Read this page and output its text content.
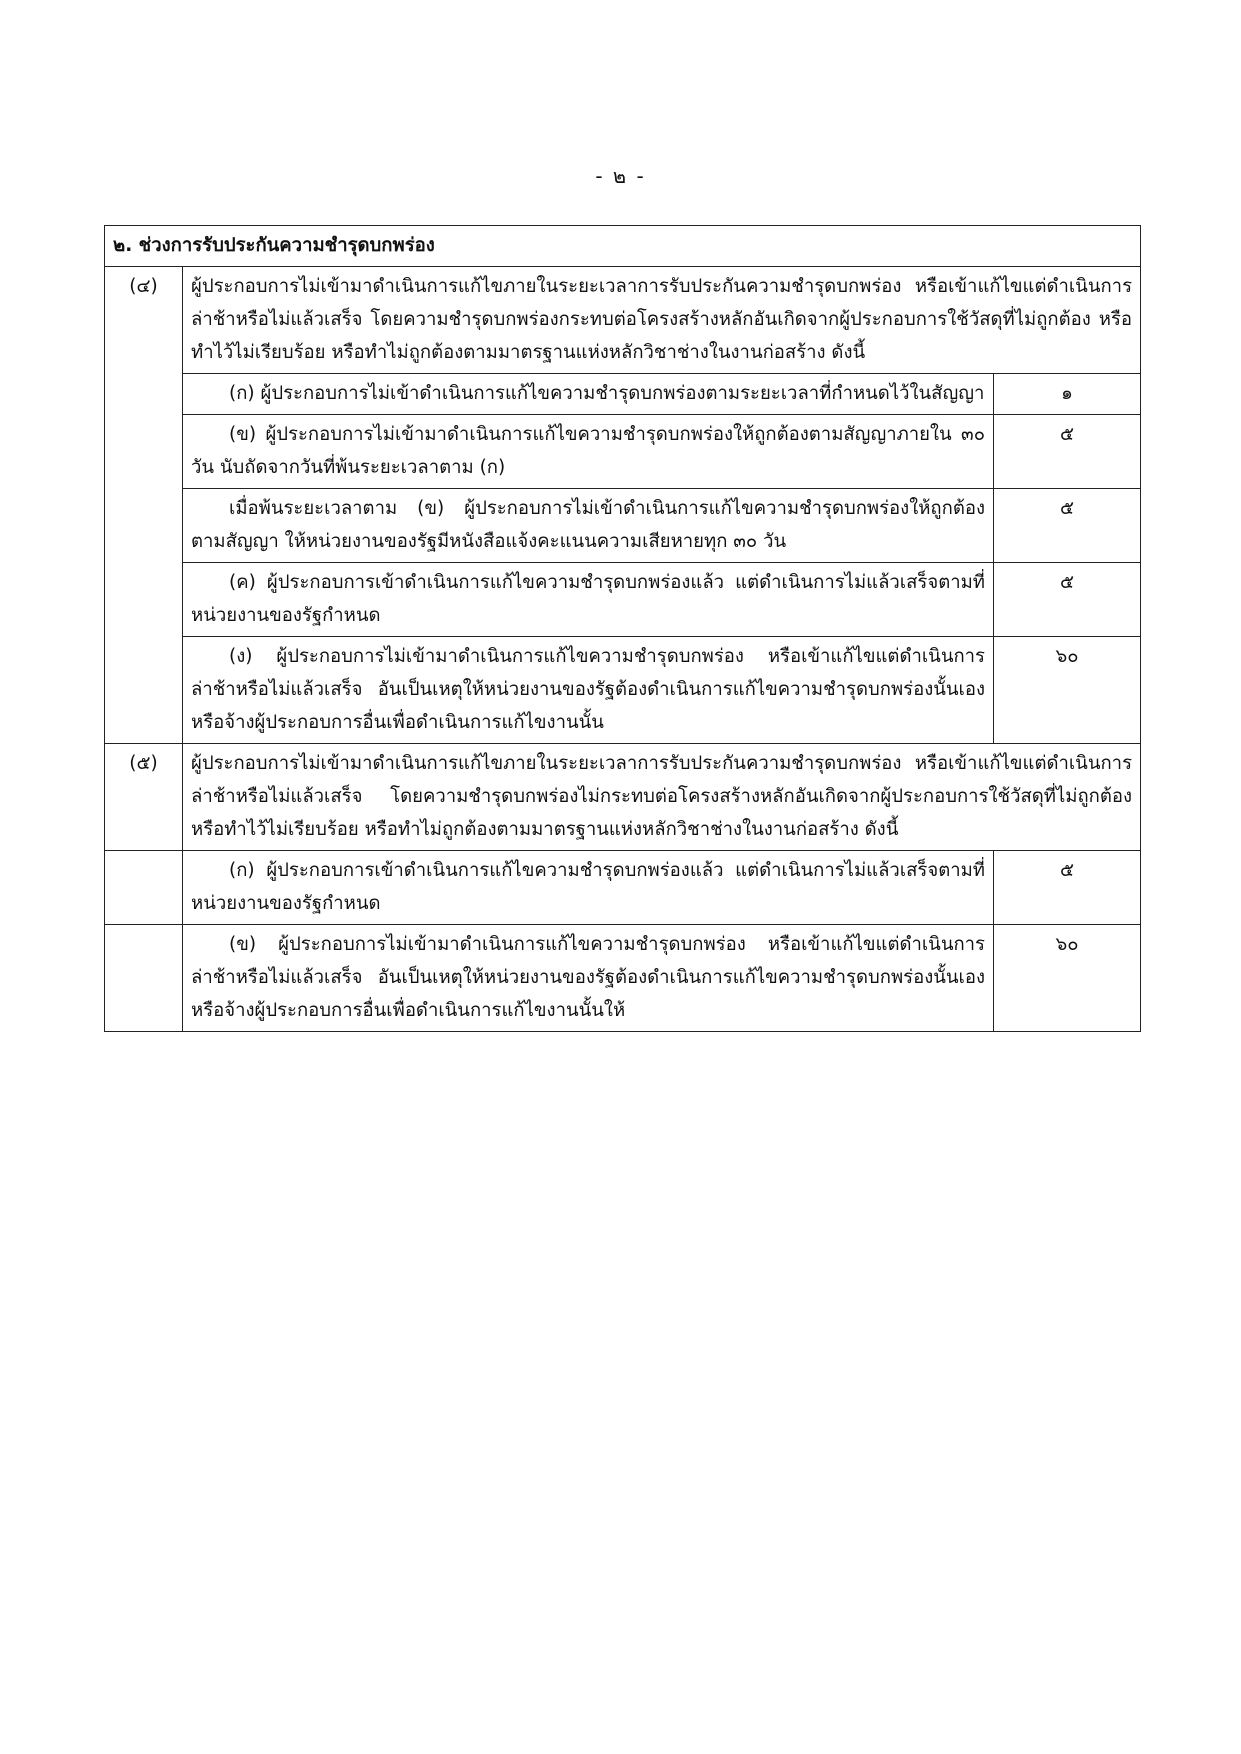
- ๒ -
๒. ช่วงการรับประกันความชำรุดบกพร่อง		
(๔)	ผู้ประกอบการไม่เข้ามาดำเนินการแก้ไขภายในระยะเวลาการรับประกันความชำรุดบกพร่อง หรือเข้าแก้ไขแต่ดำเนินการล่าช้าหรือไม่แล้วเสร็จ โดยความชำรุดบกพร่องกระทบต่อโครงสร้างหลักอันเกิดจากผู้ประกอบการใช้วัสดุที่ไม่ถูกต้อง หรือทำไว้ไม่เรียบร้อย หรือทำไม่ถูกต้องตามมาตรฐานแห่งหลักวิชาช่างในงานก่อสร้าง ดังนี้	

	(ก) ผู้ประกอบการไม่เข้าดำเนินการแก้ไขความชำรุดบกพร่องตามระยะเวลาที่กำหนดไว้ในสัญญา	๑

	(ข) ผู้ประกอบการไม่เข้ามาดำเนินการแก้ไขความชำรุดบกพร่องให้ถูกต้องตามสัญญาภายใน ๓๐ วัน นับถัดจากวันที่พ้นระยะเวลาตาม (ก)	๕

	เมื่อพ้นระยะเวลาตาม (ข) ผู้ประกอบการไม่เข้าดำเนินการแก้ไขความชำรุดบกพร่องให้ถูกต้องตามสัญญา ให้หน่วยงานของรัฐมีหนังสือแจ้งคะแนนความเสียหายทุก ๓๐ วัน	๕

	(ค) ผู้ประกอบการเข้าดำเนินการแก้ไขความชำรุดบกพร่องแล้ว แต่ดำเนินการไม่แล้วเสร็จตามที่หน่วยงานของรัฐกำหนด	๕

	(ง) ผู้ประกอบการไม่เข้ามาดำเนินการแก้ไขความชำรุดบกพร่อง หรือเข้าแก้ไขแต่ดำเนินการล่าช้าหรือไม่แล้วเสร็จ อันเป็นเหตุให้หน่วยงานของรัฐต้องดำเนินการแก้ไขความชำรุดบกพร่องนั้นเอง หรือจ้างผู้ประกอบการอื่นเพื่อดำเนินการแก้ไขงานนั้น	๖๐
(๕)	ผู้ประกอบการไม่เข้ามาดำเนินการแก้ไขภายในระยะเวลาการรับประกันความชำรุดบกพร่อง หรือเข้าแก้ไขแต่ดำเนินการล่าช้าหรือไม่แล้วเสร็จ โดยความชำรุดบกพร่องไม่กระทบต่อโครงสร้างหลักอันเกิดจากผู้ประกอบการใช้วัสดุที่ไม่ถูกต้อง หรือทำไว้ไม่เรียบร้อย หรือทำไม่ถูกต้องตามมาตรฐานแห่งหลักวิชาช่างในงานก่อสร้าง ดังนี้	

	(ก) ผู้ประกอบการเข้าดำเนินการแก้ไขความชำรุดบกพร่องแล้ว แต่ดำเนินการไม่แล้วเสร็จตามที่หน่วยงานของรัฐกำหนด	๕

	(ข) ผู้ประกอบการไม่เข้ามาดำเนินการแก้ไขความชำรุดบกพร่อง หรือเข้าแก้ไขแต่ดำเนินการล่าช้าหรือไม่แล้วเสร็จ อันเป็นเหตุให้หน่วยงานของรัฐต้องดำเนินการแก้ไขความชำรุดบกพร่องนั้นเอง หรือจ้างผู้ประกอบการอื่นเพื่อดำเนินการแก้ไขงานนั้นให้	๖๐
